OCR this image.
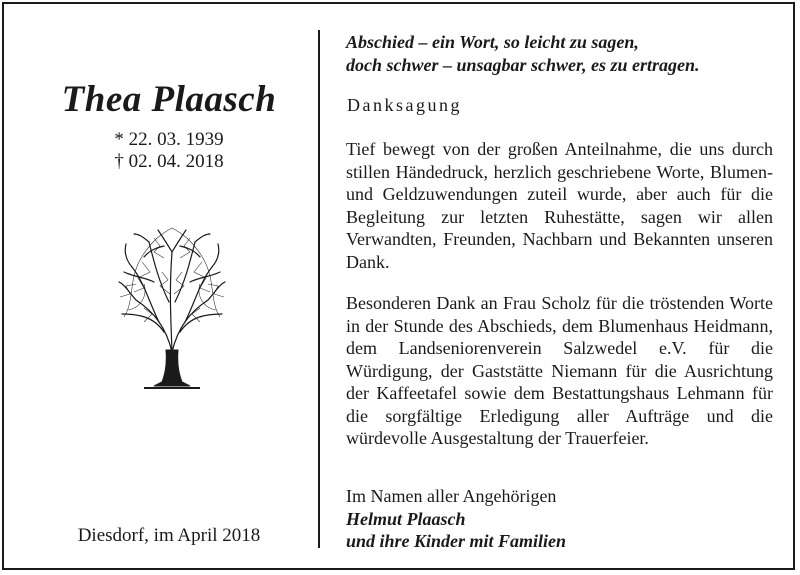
Thea Plaasch
* 22. 03. 1939
† 02. 04. 2018
Diesdorf, im April 2018
Abschied – ein Wort, so leicht zu sagen,
doch schwer – unsagbar schwer, es zu ertragen.
Danksagung

Tief bewegt von der großen Anteilnahme, die uns durch stillen Händedruck, herzlich geschriebene Worte, Blumen- und Geldzuwendungen zuteil wurde, aber auch für die Begleitung zur letzten Ruhestätte, sagen wir allen Verwandten, Freunden, Nachbarn und Bekannten unseren Dank.

Besonderen Dank an Frau Scholz für die tröstenden Worte in der Stunde des Abschieds, dem Blumenhaus Heidmann, dem Landseniorenverein Salzwedel e.V. für die Würdigung, der Gaststätte Niemann für die Ausrichtung der Kaffeetafel sowie dem Bestattungshaus Lehmann für die sorgfältige Erledigung aller Aufträge und die würdevolle Ausgestaltung der Trauerfeier.

Im Namen aller Angehörigen
Helmut Plaasch
und ihre Kinder mit Familien
